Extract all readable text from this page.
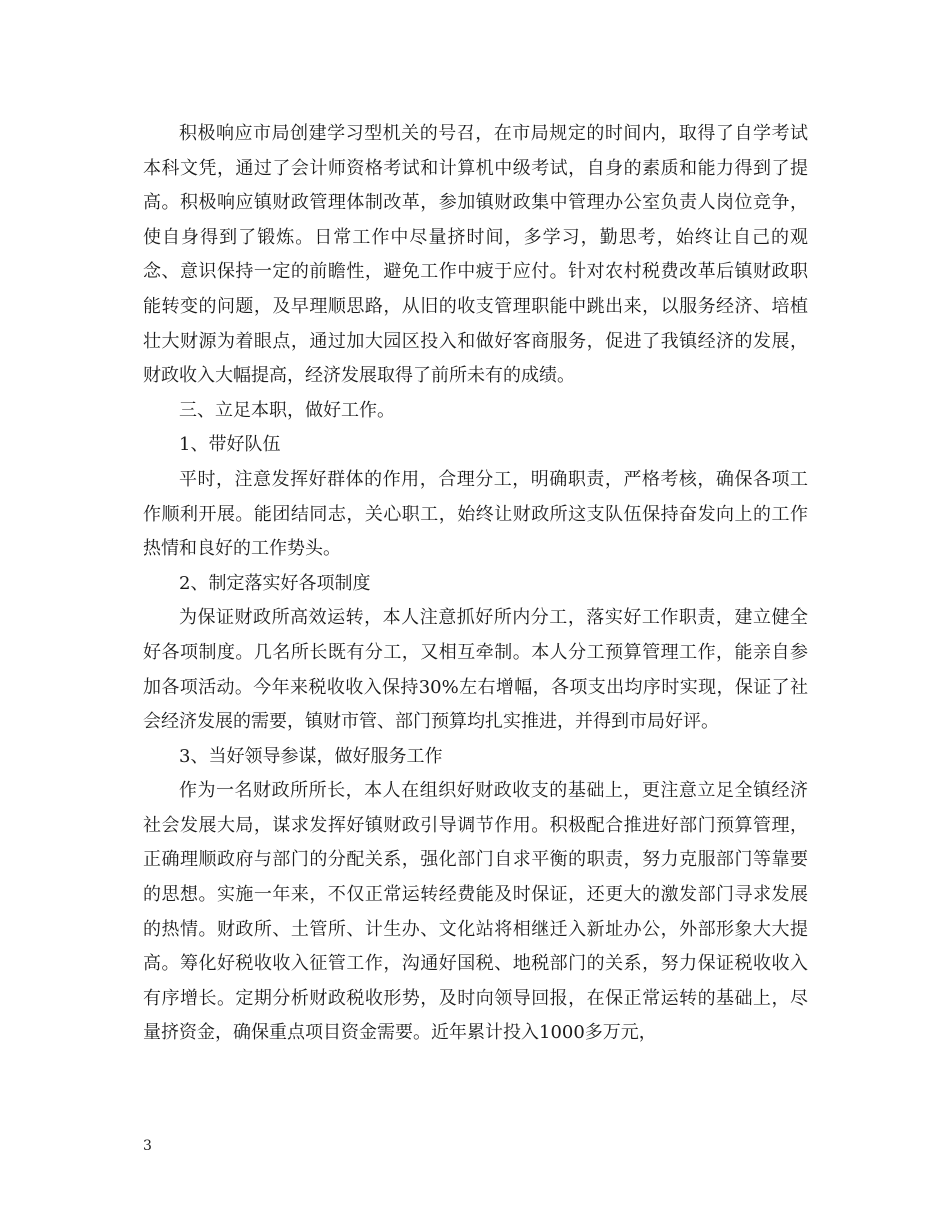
积极响应市局创建学习型机关的号召，在市局规定的时间内，取得了自学考试本科文凭，通过了会计师资格考试和计算机中级考试，自身的素质和能力得到了提高。积极响应镇财政管理体制改革，参加镇财政集中管理办公室负责人岗位竞争，使自身得到了锻炼。日常工作中尽量挤时间，多学习，勤思考，始终让自己的观念、意识保持一定的前瞻性，避免工作中疲于应付。针对农村税费改革后镇财政职能转变的问题，及早理顺思路，从旧的收支管理职能中跳出来，以服务经济、培植壮大财源为着眼点，通过加大园区投入和做好客商服务，促进了我镇经济的发展，财政收入大幅提高，经济发展取得了前所未有的成绩。

三、立足本职，做好工作。

1、带好队伍

平时，注意发挥好群体的作用，合理分工，明确职责，严格考核，确保各项工作顺利开展。能团结同志，关心职工，始终让财政所这支队伍保持奋发向上的工作热情和良好的工作势头。

2、制定落实好各项制度

为保证财政所高效运转，本人注意抓好所内分工，落实好工作职责，建立健全好各项制度。几名所长既有分工，又相互牵制。本人分工预算管理工作，能亲自参加各项活动。今年来税收收入保持30%左右增幅，各项支出均序时实现，保证了社会经济发展的需要，镇财市管、部门预算均扎实推进，并得到市局好评。

3、当好领导参谋，做好服务工作

作为一名财政所所长，本人在组织好财政收支的基础上，更注意立足全镇经济社会发展大局，谋求发挥好镇财政引导调节作用。积极配合推进好部门预算管理，正确理顺政府与部门的分配关系，强化部门自求平衡的职责，努力克服部门等靠要的思想。实施一年来，不仅正常运转经费能及时保证，还更大的激发部门寻求发展的热情。财政所、土管所、计生办、文化站将相继迁入新址办公，外部形象大大提高。筹化好税收收入征管工作，沟通好国税、地税部门的关系，努力保证税收收入有序增长。定期分析财政税收形势，及时向领导回报，在保正常运转的基础上，尽量挤资金，确保重点项目资金需要。近年累计投入1000多万元，

3
